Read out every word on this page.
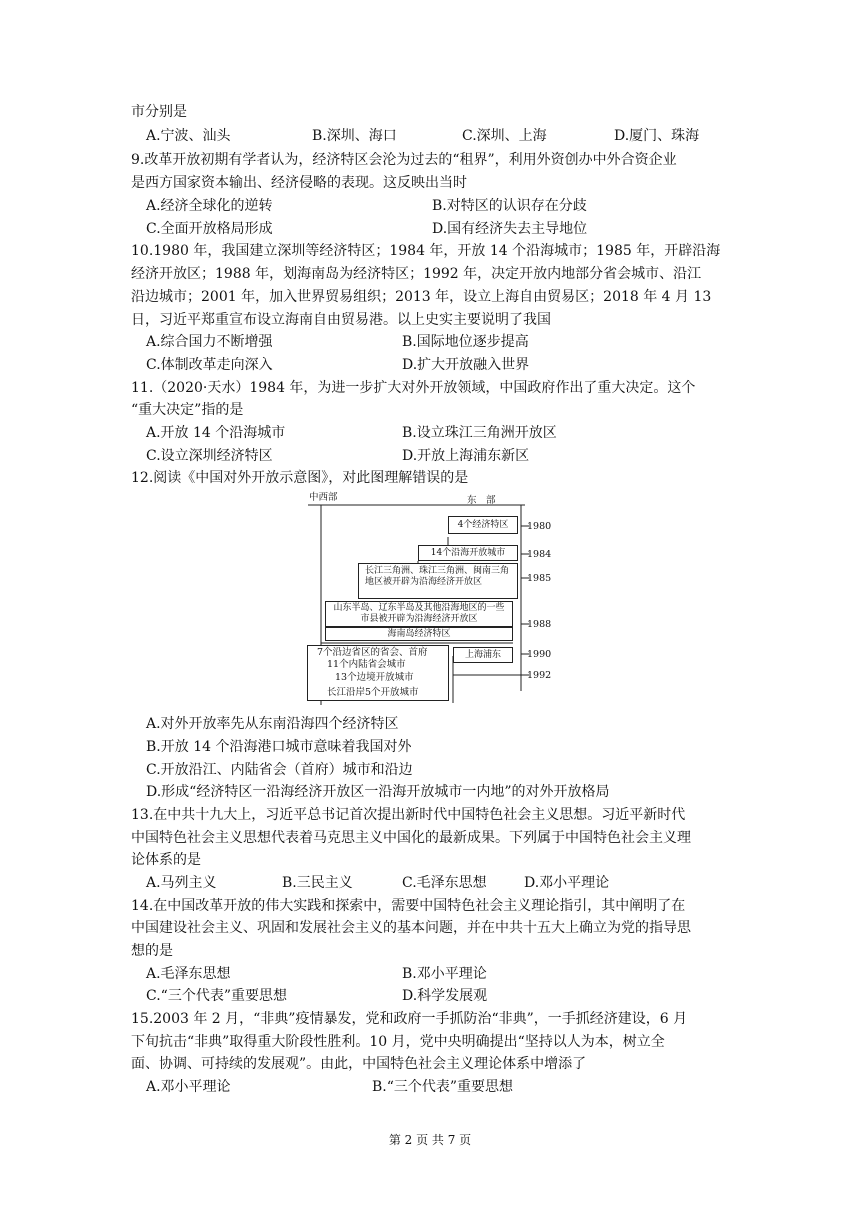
市分别是
A.宁波、汕头	B.深圳、海口	C.深圳、上海	D.厦门、珠海
9.改革开放初期有学者认为，经济特区会沦为过去的“租界”，利用外资创办中外合资企业
是西方国家资本输出、经济侵略的表现。这反映出当时
A.经济全球化的逆转	B.对特区的认识存在分歧
C.全面开放格局形成	D.国有经济失去主导地位
10.1980 年，我国建立深圳等经济特区；1984 年，开放 14 个沿海城市；1985 年，开辟沿海
经济开放区；1988 年，划海南岛为经济特区；1992 年，决定开放内地部分省会城市、沿江
沿边城市；2001 年，加入世界贸易组织；2013 年，设立上海自由贸易区；2018 年 4 月 13
日，习近平郑重宣布设立海南自由贸易港。以上史实主要说明了我国
A.综合国力不断增强	B.国际地位逐步提高
C.体制改革走向深入	D.扩大开放融入世界
11.（2020·天水）1984 年，为进一步扩大对外开放领域，中国政府作出了重大决定。这个
“重大决定”指的是
A.开放 14 个沿海城市	B.设立珠江三角洲开放区
C.设立深圳经济特区	D.开放上海浦东新区
12.阅读《中国对外开放示意图》，对此图理解错误的是
中西部	东　部
4个经济特区
14个沿海开放城市
长江三角洲、珠江三角洲、闽南三角地区被开辟为沿海经济开放区
山东半岛、辽东半岛及其他沿海地区的一些市县被开辟为沿海经济开放区
海南岛经济特区
上海浦东
7个沿边省区的省会、首府
11个内陆省会城市
13个边境开放城市
长江沿岸5个开放城市
1980
1984
1985
1988
1990
1992
A.对外开放率先从东南沿海四个经济特区
B.开放 14 个沿海港口城市意味着我国对外
C.开放沿江、内陆省会（首府）城市和沿边
D.形成“经济特区一沿海经济开放区一沿海开放城市一内地”的对外开放格局
13.在中共十九大上，习近平总书记首次提出新时代中国特色社会主义思想。习近平新时代
中国特色社会主义思想代表着马克思主义中国化的最新成果。下列属于中国特色社会主义理
论体系的是
A.马列主义	B.三民主义	C.毛泽东思想	D.邓小平理论
14.在中国改革开放的伟大实践和探索中，需要中国特色社会主义理论指引，其中阐明了在
中国建设社会主义、巩固和发展社会主义的基本问题，并在中共十五大上确立为党的指导思
想的是
A.毛泽东思想	B.邓小平理论
C.“三个代表”重要思想	D.科学发展观
15.2003 年 2 月，“非典”疫情暴发，党和政府一手抓防治“非典”，一手抓经济建设，6 月
下旬抗击“非典”取得重大阶段性胜利。10 月，党中央明确提出“坚持以人为本，树立全
面、协调、可持续的发展观”。由此，中国特色社会主义理论体系中增添了
A.邓小平理论	B.“三个代表”重要思想
第 2 页 共 7 页
